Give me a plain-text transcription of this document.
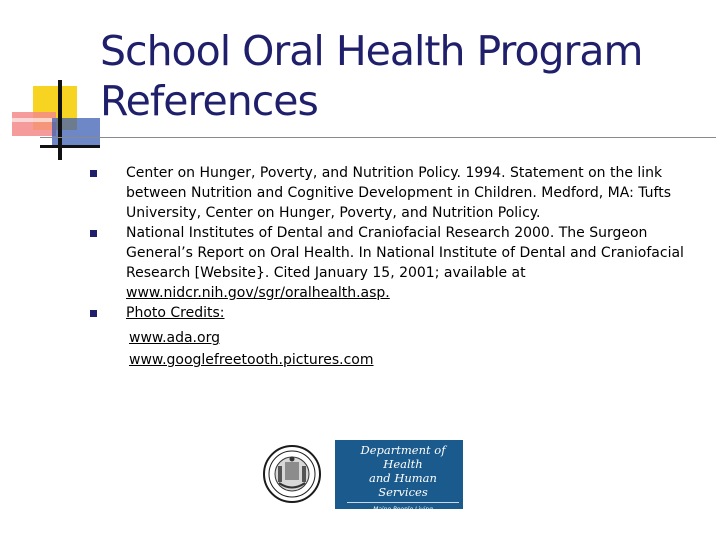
School Oral Health Program
References
Center on Hunger, Poverty, and Nutrition Policy. 1994. Statement on the link between Nutrition and Cognitive Development in Children. Medford, MA: Tufts University, Center on Hunger, Poverty, and Nutrition Policy.
National Institutes of Dental and Craniofacial Research 2000. The Surgeon General’s Report on Oral Health. In National Institute of Dental and Craniofacial Research [Website}. Cited January 15, 2001; available at www.nidcr.nih.gov/sgr/oralhealth.asp.
Photo Credits:
www.ada.org
www.googlefreetooth.pictures.com
Department of Health
and Human Services
Maine People Living
Safe, Healthy and Productive Lives
